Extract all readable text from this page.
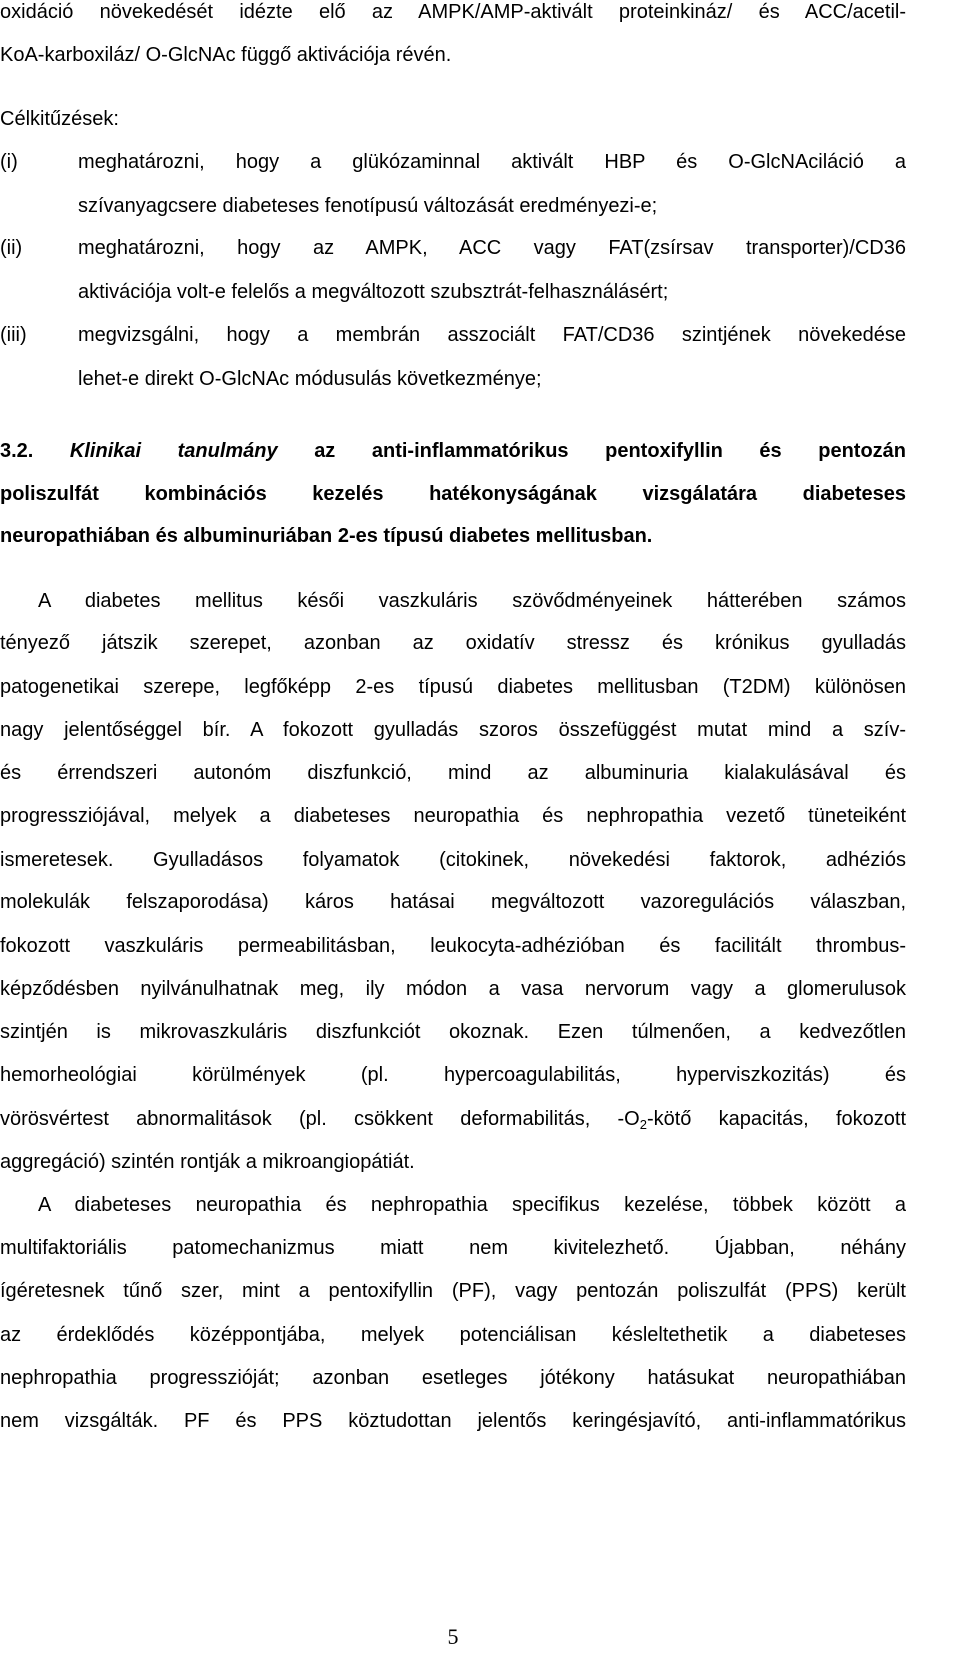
oxidáció növekedését idézte elő az AMPK/AMP-aktivált proteinkináz/ és ACC/acetil-
KoA-karboxiláz/ O-GlcNAc függő aktivációja révén.
Célkitűzések:
(i)	meghatározni, hogy a glükózaminnal aktivált HBP és O-GlcNAciláció a
szívanyagcsere diabeteses fenotípusú változását eredményezi-e;
(ii)	meghatározni, hogy az AMPK, ACC vagy FAT(zsírsav transporter)/CD36
aktivációja volt-e felelős a megváltozott szubsztrát-felhasználásért;
(iii)	megvizsgálni, hogy a membrán asszociált FAT/CD36 szintjének növekedése
lehet-e direkt O-GlcNAc módusulás következménye;
3.2. Klinikai tanulmány az anti-inflammatórikus pentoxifyllin és pentozán
poliszulfát kombinációs kezelés hatékonyságának vizsgálatára diabeteses
neuropathiában és albuminuriában 2-es típusú diabetes mellitusban.
A diabetes mellitus késői vaszkuláris szövődményeinek hátterében számos
tényező játszik szerepet, azonban az oxidatív stressz és krónikus gyulladás
patogenetikai szerepe, legfőképp 2-es típusú diabetes mellitusban (T2DM) különösen
nagy jelentőséggel bír. A fokozott gyulladás szoros összefüggést mutat mind a szív-
és érrendszeri autonóm diszfunkció, mind az albuminuria kialakulásával és
progressziójával, melyek a diabeteses neuropathia és nephropathia vezető tüneteiként
ismeretesek. Gyulladásos folyamatok (citokinek, növekedési faktorok, adhéziós
molekulák felszaporodása) káros hatásai megváltozott vazoregulációs válaszban,
fokozott vaszkuláris permeabilitásban, leukocyta-adhézióban és facilitált thrombus-
képződésben nyilvánulhatnak meg, ily módon a vasa nervorum vagy a glomerulusok
szintjén is mikrovaszkuláris diszfunkciót okoznak. Ezen túlmenően, a kedvezőtlen
hemorheológiai körülmények (pl. hypercoagulabilitás, hyperviszkozitás) és
vörösvértest abnormalitások (pl. csökkent deformabilitás, $-O_2$-kötő kapacitás, fokozott
aggregáció) szintén rontják a mikroangiopátiát.
A diabeteses neuropathia és nephropathia specifikus kezelése, többek között a
multifaktoriális patomechanizmus miatt nem kivitelezhető. Újabban, néhány
ígéretesnek tűnő szer, mint a pentoxifyllin (PF), vagy pentozán poliszulfát (PPS) került
az érdeklődés középpontjába, melyek potenciálisan késleltethetik a diabeteses
nephropathia progresszióját; azonban esetleges jótékony hatásukat neuropathiában
nem vizsgálták. PF és PPS köztudottan jelentős keringésjavító, anti-inflammatórikus
5
